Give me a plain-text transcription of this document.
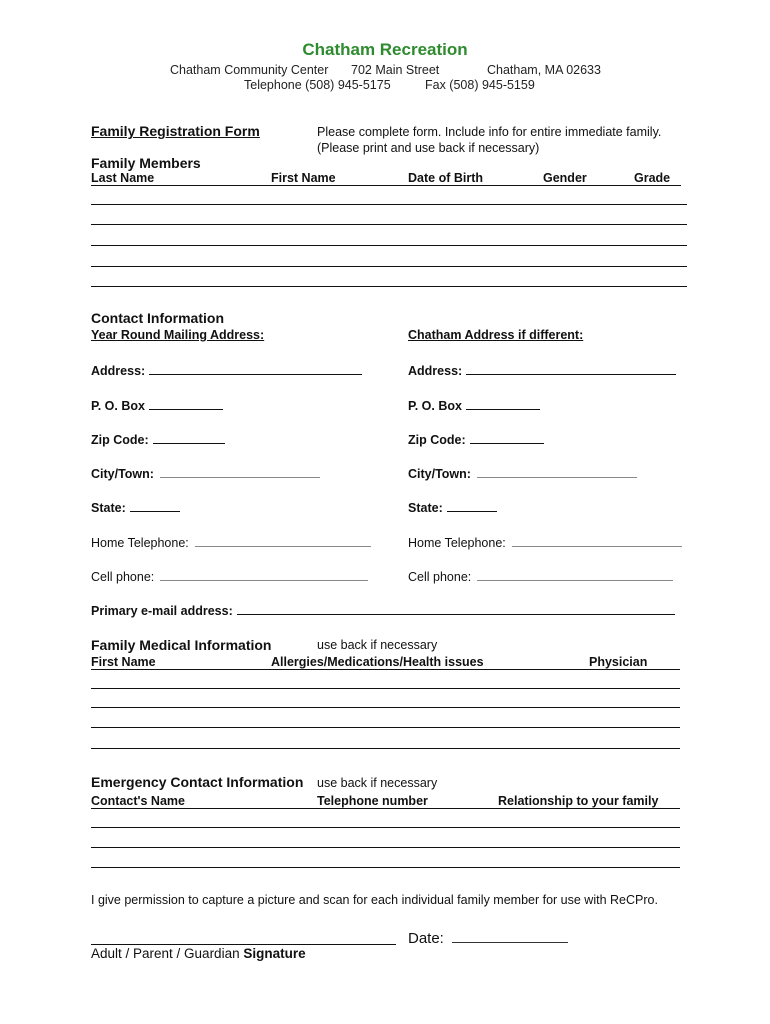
Chatham Recreation
Chatham Community Center 702 Main Street	Chatham, MA 02633
Telephone (508) 945-5175	Fax (508) 945-5159
Family Registration Form	Please complete form. Include info for entire immediate family.
(Please print and use back if necessary)
Family Members
Last Name	First Name	Date of Birth	Gender	Grade
Contact Information
Year Round Mailing Address:	Chatham Address if different:
Address:	Address:
P. O. Box	P. O. Box
Zip Code:	Zip Code:
City/Town:	City/Town:
State:	State:
Home Telephone:	Home Telephone:
Cell phone:	Cell phone:
Primary e-mail address:
Family Medical Information	use back if necessary
First Name	Allergies/Medications/Health issues	Physician
Emergency Contact Information use back if necessary
Contact's Name	Telephone number	Relationship to your family
I give permission to capture a picture and scan for each individual family member for use with ReCPro.
Date:
Adult / Parent / Guardian Signature
